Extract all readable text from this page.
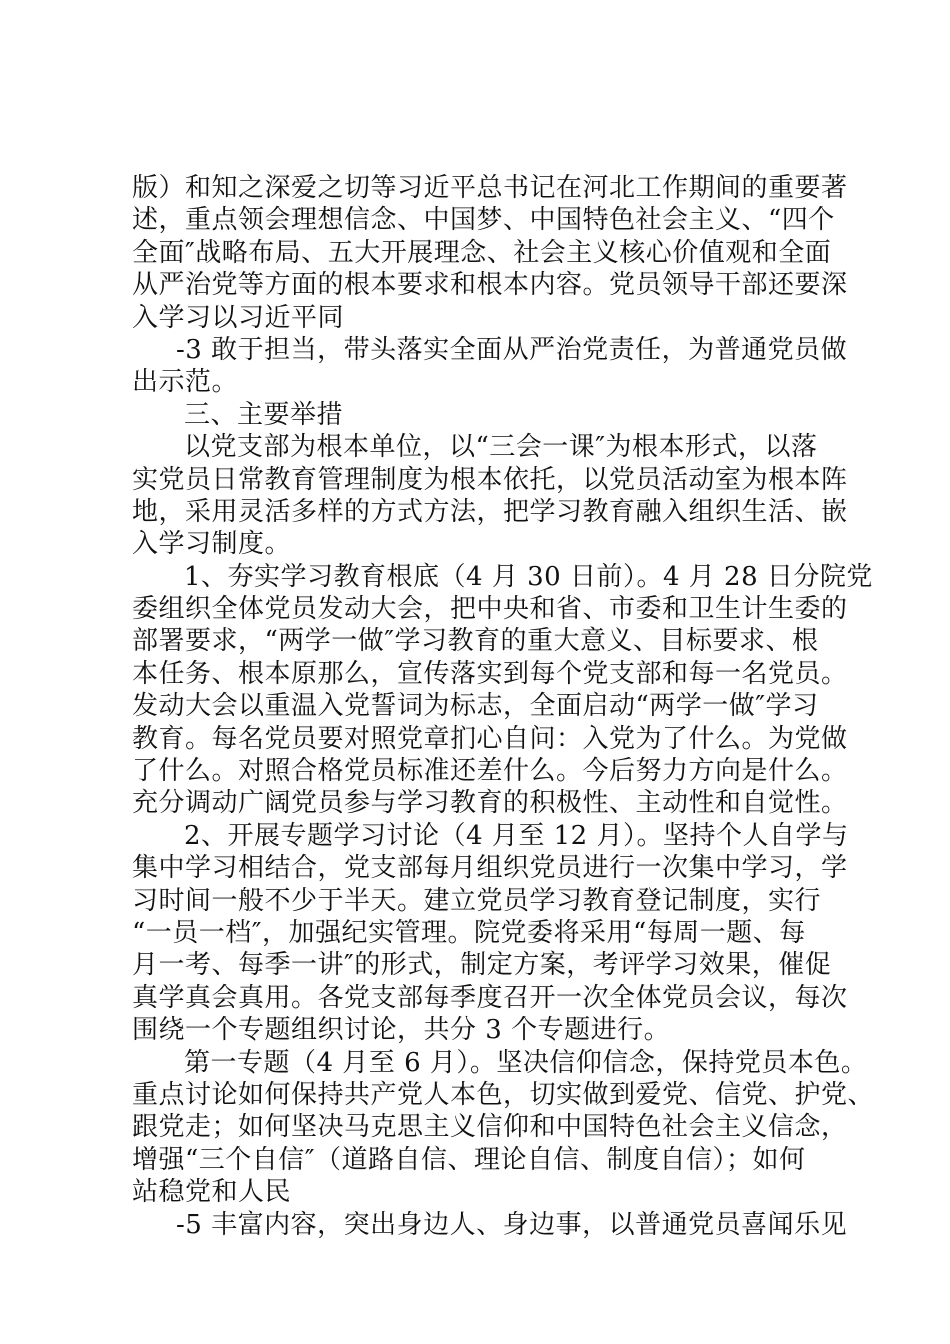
版）和知之深爱之切等习近平总书记在河北工作期间的重要著
述，重点领会理想信念、中国梦、中国特色社会主义、“四个
全面″战略布局、五大开展理念、社会主义核心价值观和全面
从严治党等方面的根本要求和根本内容。党员领导干部还要深
入学习以习近平同
-3 敢于担当，带头落实全面从严治党责任，为普通党员做
出示范。
三、主要举措
以党支部为根本单位，以“三会一课″为根本形式，以落
实党员日常教育管理制度为根本依托，以党员活动室为根本阵
地，采用灵活多样的方式方法，把学习教育融入组织生活、嵌
入学习制度。
1、夯实学习教育根底（4 月 30 日前）。4 月 28 日分院党
委组织全体党员发动大会，把中央和省、市委和卫生计生委的
部署要求，“两学一做″学习教育的重大意义、目标要求、根
本任务、根本原那么，宣传落实到每个党支部和每一名党员。
发动大会以重温入党誓词为标志，全面启动“两学一做″学习
教育。每名党员要对照党章扪心自问：入党为了什么。为党做
了什么。对照合格党员标准还差什么。今后努力方向是什么。
充分调动广阔党员参与学习教育的积极性、主动性和自觉性。
2、开展专题学习讨论（4 月至 12 月）。坚持个人自学与
集中学习相结合，党支部每月组织党员进行一次集中学习，学
习时间一般不少于半天。建立党员学习教育登记制度，实行
“一员一档″，加强纪实管理。院党委将采用“每周一题、每
月一考、每季一讲″的形式，制定方案，考评学习效果，催促
真学真会真用。各党支部每季度召开一次全体党员会议，每次
围绕一个专题组织讨论，共分 3 个专题进行。
第一专题（4 月至 6 月）。坚决信仰信念，保持党员本色。
重点讨论如何保持共产党人本色，切实做到爱党、信党、护党、
跟党走；如何坚决马克思主义信仰和中国特色社会主义信念，
增强“三个自信″（道路自信、理论自信、制度自信）；如何
站稳党和人民
-5 丰富内容，突出身边人、身边事，以普通党员喜闻乐见
